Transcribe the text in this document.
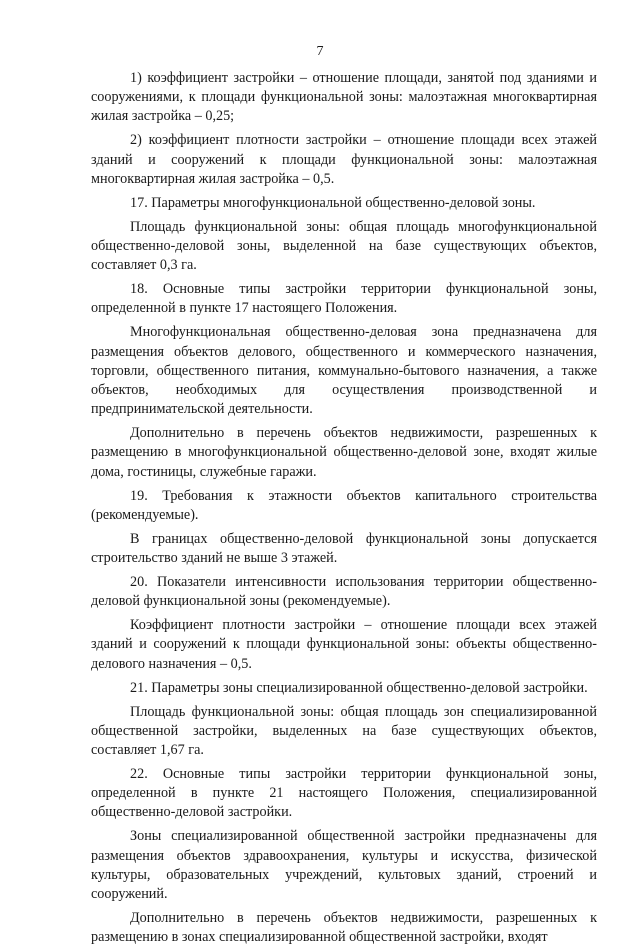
7

1) коэффициент застройки – отношение площади, занятой под зданиями и сооружениями, к площади функциональной зоны: малоэтажная многоквартирная жилая застройка – 0,25;

2) коэффициент плотности застройки – отношение площади всех этажей зданий и сооружений к площади функциональной зоны: малоэтажная многоквартирная жилая застройка – 0,5.

17. Параметры многофункциональной общественно-деловой зоны.

Площадь функциональной зоны: общая площадь многофункциональной общественно-деловой зоны, выделенной на базе существующих объектов, составляет 0,3 га.

18. Основные типы застройки территории функциональной зоны, определенной в пункте 17 настоящего Положения.

Многофункциональная общественно-деловая зона предназначена для размещения объектов делового, общественного и коммерческого назначения, торговли, общественного питания, коммунально-бытового назначения, а также объектов, необходимых для осуществления производственной и предпринимательской деятельности.

Дополнительно в перечень объектов недвижимости, разрешенных к размещению в многофункциональной общественно-деловой зоне, входят жилые дома, гостиницы, служебные гаражи.

19. Требования к этажности объектов капитального строительства (рекомендуемые).

В границах общественно-деловой функциональной зоны допускается строительство зданий не выше 3 этажей.

20. Показатели интенсивности использования территории общественно-деловой функциональной зоны (рекомендуемые).

Коэффициент плотности застройки – отношение площади всех этажей зданий и сооружений к площади функциональной зоны: объекты общественно-делового назначения – 0,5.

21. Параметры зоны специализированной общественно-деловой застройки.

Площадь функциональной зоны: общая площадь зон специализированной общественной застройки, выделенных на базе существующих объектов, составляет 1,67 га.

22. Основные типы застройки территории функциональной зоны, определенной в пункте 21 настоящего Положения, специализированной общественно-деловой застройки.

Зоны специализированной общественной застройки предназначены для размещения объектов здравоохранения, культуры и искусства, физической культуры, образовательных учреждений, культовых зданий, строений и сооружений.

Дополнительно в перечень объектов недвижимости, разрешенных к размещению в зонах специализированной общественной застройки, входят
